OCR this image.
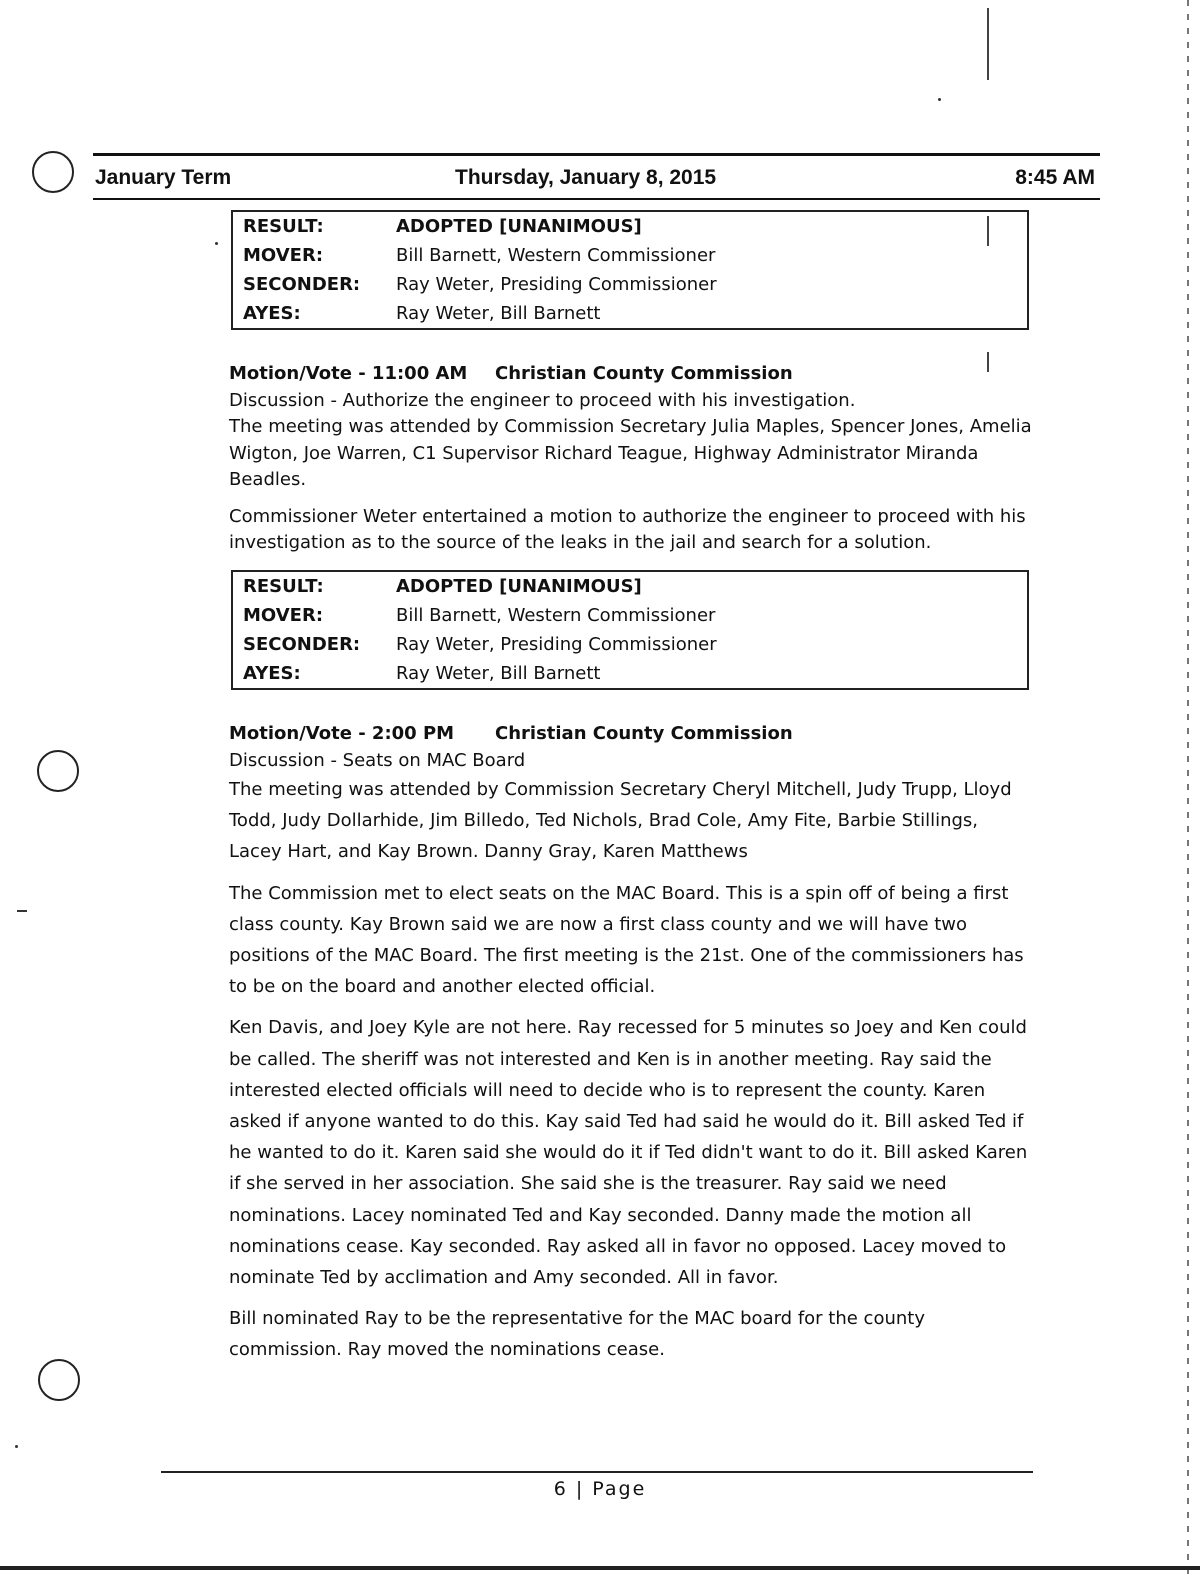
January Term	Thursday, January 8, 2015	8:45 AM
RESULT:	ADOPTED [UNANIMOUS]
MOVER:	Bill Barnett, Western Commissioner
SECONDER: Ray Weter, Presiding Commissioner
AYES:	Ray Weter, Bill Barnett
Motion/Vote - 11:00 AM Christian County Commission

Discussion - Authorize the engineer to proceed with his investigation.

The meeting was attended by Commission Secretary Julia Maples, Spencer Jones, Amelia Wigton, Joe Warren, C1 Supervisor Richard Teague, Highway Administrator Miranda Beadles.

Commissioner Weter entertained a motion to authorize the engineer to proceed with his investigation as to the source of the leaks in the jail and search for a solution.

RESULT:	ADOPTED [UNANIMOUS]
MOVER:	Bill Barnett, Western Commissioner
SECONDER: Ray Weter, Presiding Commissioner
AYES:	Ray Weter, Bill Barnett
Motion/Vote - 2:00 PM Christian County Commission

Discussion - Seats on MAC Board

The meeting was attended by Commission Secretary Cheryl Mitchell, Judy Trupp, Lloyd Todd, Judy Dollarhide, Jim Billedo, Ted Nichols, Brad Cole, Amy Fite, Barbie Stillings, Lacey Hart, and Kay Brown. Danny Gray, Karen Matthews

The Commission met to elect seats on the MAC Board. This is a spin off of being a first class county. Kay Brown said we are now a first class county and we will have two positions of the MAC Board. The first meeting is the 21st. One of the commissioners has to be on the board and another elected official.

Ken Davis, and Joey Kyle are not here. Ray recessed for 5 minutes so Joey and Ken could be called. The sheriff was not interested and Ken is in another meeting. Ray said the interested elected officials will need to decide who is to represent the county. Karen asked if anyone wanted to do this. Kay said Ted had said he would do it. Bill asked Ted if he wanted to do it. Karen said she would do it if Ted didn't want to do it. Bill asked Karen if she served in her association. She said she is the treasurer. Ray said we need nominations. Lacey nominated Ted and Kay seconded. Danny made the motion all nominations cease. Kay seconded. Ray asked all in favor no opposed. Lacey moved to nominate Ted by acclimation and Amy seconded. All in favor.

Bill nominated Ray to be the representative for the MAC board for the county commission. Ray moved the nominations cease.

6 | Page
